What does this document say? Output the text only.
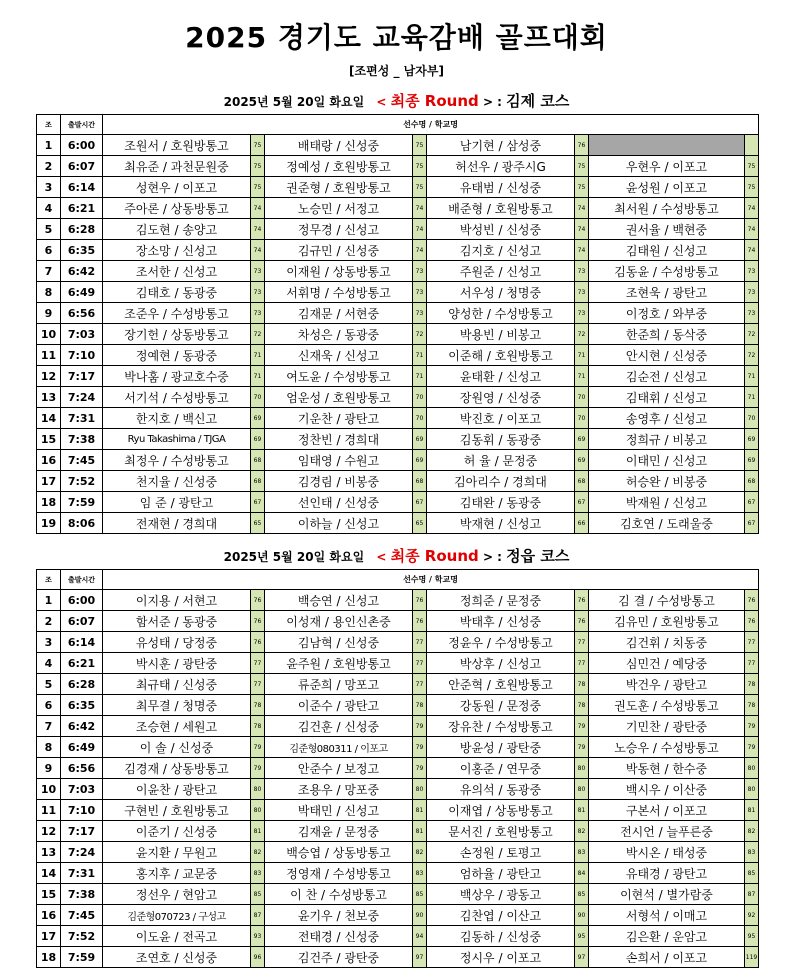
2025 경기도 교육감배 골프대회
[조편성 _ 남자부]
2025년 5월 20일 화요일 < 최종 Round > : 김제 코스
조	출발시간	선수명 / 학교명							
1	6:00	조원서 / 호원방통고	75	배태랑 / 신성중	75	남기현 / 삼성중	76		
2	6:07	최유준 / 과천문원중	75	정예성 / 호원방통고	75	허선우 / 광주시G	75	우현우 / 이포고	75
3	6:14	성현우 / 이포고	75	권준형 / 호원방통고	75	유태범 / 신성중	75	윤성원 / 이포고	75
4	6:21	주아론 / 상동방통고	74	노승민 / 서정고	74	배준형 / 호원방통고	74	최서원 / 수성방통고	74
5	6:28	김도현 / 송양고	74	정무경 / 신성고	74	박성빈 / 신성중	74	권서율 / 백현중	74
6	6:35	장소망 / 신성고	74	김규민 / 신성중	74	김지호 / 신성고	74	김태원 / 신성고	74
7	6:42	조서한 / 신성고	73	이재원 / 상동방통고	73	주원준 / 신성고	73	김동윤 / 수성방통고	73
8	6:49	김태호 / 동광중	73	서휘명 / 수성방통고	73	서우성 / 청명중	73	조현욱 / 광탄고	73
9	6:56	조준우 / 수성방통고	73	김재문 / 서현중	73	양성한 / 수성방통고	73	이정호 / 와부중	73
10	7:03	장기헌 / 상동방통고	72	차성은 / 동광중	72	박용빈 / 비봉고	72	한준희 / 동삭중	72
11	7:10	정예현 / 동광중	71	신재욱 / 신성고	71	이준해 / 호원방통고	71	안시현 / 신성중	72
12	7:17	박나훔 / 광교호수중	71	여도윤 / 수성방통고	71	윤태환 / 신성고	71	김순전 / 신성고	71
13	7:24	서기석 / 수성방통고	70	엄운성 / 호원방통고	70	장원영 / 신성중	70	김태휘 / 신성고	71
14	7:31	한지호 / 백신고	69	기운찬 / 광탄고	70	박진호 / 이포고	70	송영후 / 신성고	70
15	7:38	Ryu Takashima / TJGA	69	정찬빈 / 경희대	69	김동휘 / 동광중	69	정희규 / 비봉고	69
16	7:45	최정우 / 수성방통고	68	임태영 / 수원고	69	허 율 / 문정중	69	이태민 / 신성고	69
17	7:52	천지율 / 신성중	68	김경림 / 비봉중	68	김아리수 / 경희대	68	허승완 / 비봉중	68
18	7:59	임 준 / 광탄고	67	선인태 / 신성중	67	김태완 / 동광중	67	박재원 / 신성고	67
19	8:06	전재현 / 경희대	65	이하늘 / 신성고	65	박재현 / 신성고	66	김호연 / 도래울중	67
2025년 5월 20일 화요일 < 최종 Round > : 정읍 코스
조	출발시간	선수명 / 학교명							
1	6:00	이지용 / 서현고	76	백승연 / 신성고	76	정희준 / 문정중	76	김 결 / 수성방통고	76
2	6:07	함서준 / 동광중	76	이성재 / 용인신촌중	76	박태후 / 신성중	76	김유민 / 호원방통고	76
3	6:14	유성태 / 당정중	76	김남혁 / 신성중	77	정윤우 / 수성방통고	77	김건휘 / 치동중	77
4	6:21	박시훈 / 광탄중	77	윤주원 / 호원방통고	77	박상후 / 신성고	77	심민건 / 예당중	77
5	6:28	최규태 / 신성중	77	류준희 / 망포고	77	안준혁 / 호원방통고	78	박건우 / 광탄고	78
6	6:35	최무결 / 청명중	78	이준수 / 광탄고	78	강동원 / 문정중	78	권도훈 / 수성방통고	78
7	6:42	조승현 / 세원고	78	김건훈 / 신성중	79	장유찬 / 수성방통고	79	기민찬 / 광탄중	79
8	6:49	이 솔 / 신성중	79	김준형080311 / 이포고	79	방윤성 / 광탄중	79	노승우 / 수성방통고	79
9	6:56	김경재 / 상동방통고	79	안준수 / 보정고	79	이홍준 / 연무중	80	박동현 / 한수중	80
10	7:03	이윤찬 / 광탄고	80	조용우 / 망포중	80	유의석 / 동광중	80	백시우 / 이산중	80
11	7:10	구현빈 / 호원방통고	80	박태민 / 신성고	81	이재엽 / 상동방통고	81	구본서 / 이포고	81
12	7:17	이준기 / 신성중	81	김재윤 / 문정중	81	문서진 / 호원방통고	82	전시언 / 늘푸른중	82
13	7:24	윤지환 / 무원고	82	백승엽 / 상동방통고	82	손정원 / 토평고	83	박시온 / 태성중	83
14	7:31	홍지후 / 교문중	83	정영재 / 수성방통고	83	엄하율 / 광탄고	84	유태경 / 광탄고	85
15	7:38	정선우 / 현암고	85	이 찬 / 수성방통고	85	백상우 / 광동고	85	이현석 / 별가람중	87
16	7:45	김준형070723 / 구성고	87	윤기우 / 천보중	90	김찬엽 / 이산고	90	서형석 / 이매고	92
17	7:52	이도윤 / 전곡고	93	전태경 / 신성중	94	김동하 / 신성중	95	김은환 / 운암고	95
18	7:59	조연호 / 신성중	96	김건주 / 광탄중	97	정시우 / 이포고	97	손희서 / 이포고	119
